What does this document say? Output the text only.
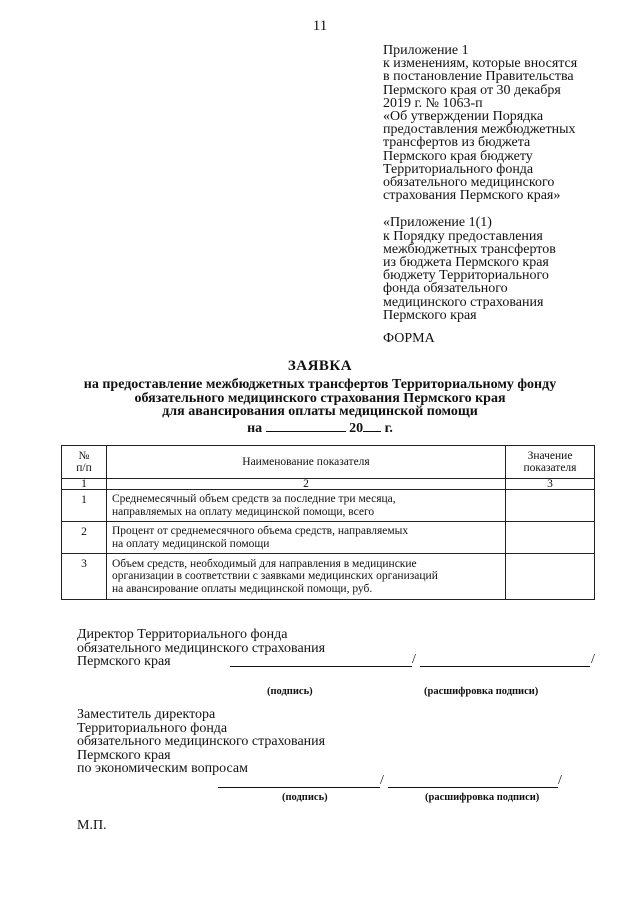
11
Приложение 1
к изменениям, которые вносятся
в постановление Правительства
Пермского края от 30 декабря
2019 г. № 1063-п
«Об утверждении Порядка
предоставления межбюджетных
трансфертов из бюджета
Пермского края бюджету
Территориального фонда
обязательного медицинского
страхования Пермского края»
«Приложение 1(1)
к Порядку предоставления
межбюджетных трансфертов
из бюджета Пермского края
бюджету Территориального
фонда обязательного
медицинского страхования
Пермского края
ФОРМА
ЗАЯВКА
на предоставление межбюджетных трансфертов Территориальному фонду
обязательного медицинского страхования Пермского края
для авансирования оплаты медицинской помощи
на	20 г.
№
п/п	Наименование показателя	Значение
показателя
1	2	3
1	Среднемесячный объем средств за последние три месяца,
направляемых на оплату медицинской помощи, всего	
2	Процент от среднемесячного объема средств, направляемых
на оплату медицинской помощи	
3	Объем средств, необходимый для направления в медицинские
организации в соответствии с заявками медицинских организаций
на авансирование оплаты медицинской помощи, руб.	
Директор Территориального фонда
обязательного медицинского страхования
Пермского края	/	/
(подпись)	(расшифровка подписи)
Заместитель директора
Территориального фонда
обязательного медицинского страхования
Пермского края
по экономическим вопросам
/	/
(подпись)	(расшифровка подписи)
М.П.
